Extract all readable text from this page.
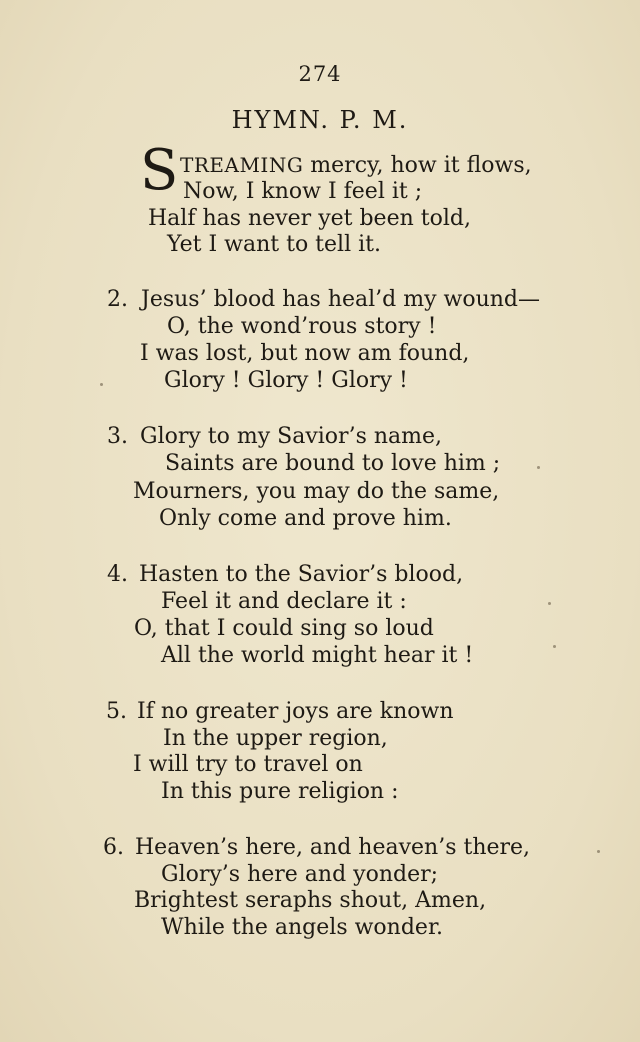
274
HYMN. P. M.
S TREAMING mercy, how it flows,
Now, I know I feel it ;
Half has never yet been told,
Yet I want to tell it.
2. Jesus’ blood has heal’d my wound—
O, the wond’rous story !
I was lost, but now am found,
Glory ! Glory ! Glory !
3. Glory to my Savior’s name,
Saints are bound to love him ;
Mourners, you may do the same,
Only come and prove him.
4. Hasten to the Savior’s blood,
Feel it and declare it :
O, that I could sing so loud
All the world might hear it !
5. If no greater joys are known
In the upper region,
I will try to travel on
In this pure religion :
6. Heaven’s here, and heaven’s there,
Glory’s here and yonder;
Brightest seraphs shout, Amen,
While the angels wonder.
